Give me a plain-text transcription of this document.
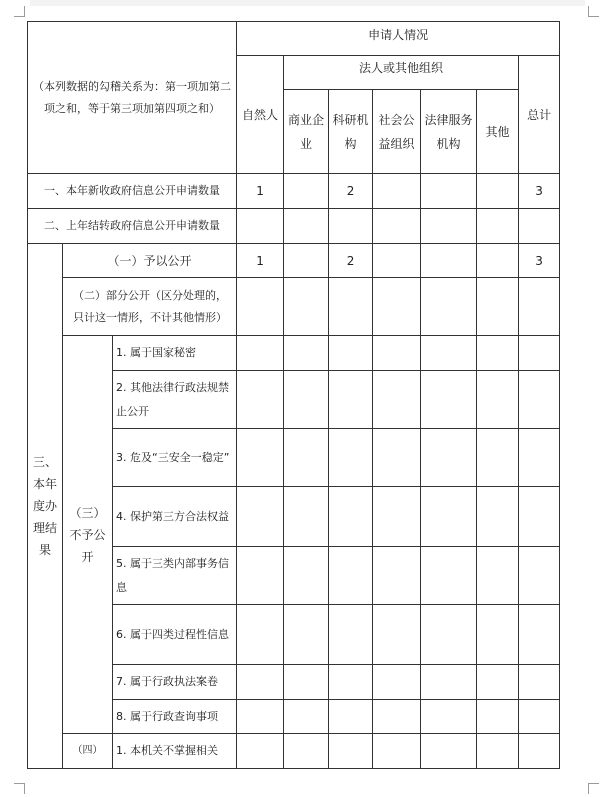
（本列数据的勾稽关系为：第一项加第二项之和，等于第三项加第四项之和）			申请人情况						
			自然人	法人或其他组织					总计
				商业企业	科研机构	社会公益组织	法律服务机构	其他	
一、本年新收政府信息公开申请数量			1		2				3
二、上年结转政府信息公开申请数量									
三、本年度办理结果	（一）予以公开		1		2				3
	（二）部分公开（区分处理的，只计这一情形，不计其他情形）								
	（三）不予公开	1. 属于国家秘密							
		2. 其他法律行政法规禁止公开							
		3. 危及“三安全一稳定”							
		4. 保护第三方合法权益							
		5. 属于三类内部事务信息							
		6. 属于四类过程性信息							
		7. 属于行政执法案卷							
		8. 属于行政查询事项							
	（四）	1. 本机关不掌握相关							
